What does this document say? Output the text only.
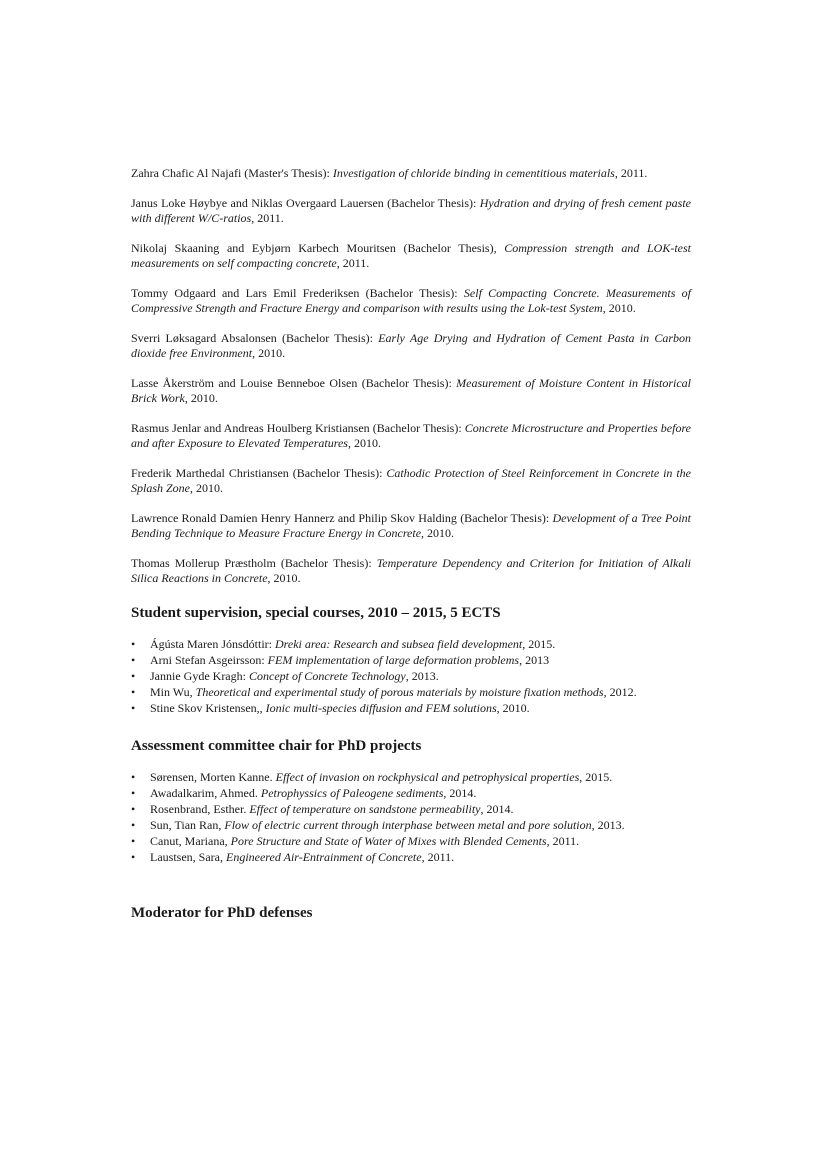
Zahra Chafic Al Najafi (Master's Thesis): Investigation of chloride binding in cementitious materials, 2011.

Janus Loke Høybye and Niklas Overgaard Lauersen (Bachelor Thesis): Hydration and drying of fresh cement paste with different W/C-ratios, 2011.

Nikolaj Skaaning and Eybjørn Karbech Mouritsen (Bachelor Thesis), Compression strength and LOK-test measurements on self compacting concrete, 2011.

Tommy Odgaard and Lars Emil Frederiksen (Bachelor Thesis): Self Compacting Concrete. Measurements of Compressive Strength and Fracture Energy and comparison with results using the Lok-test System, 2010.

Sverri Løksagard Absalonsen (Bachelor Thesis): Early Age Drying and Hydration of Cement Pasta in Carbon dioxide free Environment, 2010.

Lasse Åkerström and Louise Benneboe Olsen (Bachelor Thesis): Measurement of Moisture Content in Historical Brick Work, 2010.

Rasmus Jenlar and Andreas Houlberg Kristiansen (Bachelor Thesis): Concrete Microstructure and Properties before and after Exposure to Elevated Temperatures, 2010.

Frederik Marthedal Christiansen (Bachelor Thesis): Cathodic Protection of Steel Reinforcement in Concrete in the Splash Zone, 2010.

Lawrence Ronald Damien Henry Hannerz and Philip Skov Halding (Bachelor Thesis): Development of a Tree Point Bending Technique to Measure Fracture Energy in Concrete, 2010.

Thomas Mollerup Præstholm (Bachelor Thesis): Temperature Dependency and Criterion for Initiation of Alkali Silica Reactions in Concrete, 2010.

Student supervision, special courses, 2010 – 2015, 5 ECTS
• Ágústa Maren Jónsdóttir: Dreki area: Research and subsea field development, 2015.
• Arni Stefan Asgeirsson: FEM implementation of large deformation problems, 2013
• Jannie Gyde Kragh: Concept of Concrete Technology, 2013.
• Min Wu, Theoretical and experimental study of porous materials by moisture fixation methods, 2012.
• Stine Skov Kristensen,, Ionic multi-species diffusion and FEM solutions, 2010.
Assessment committee chair for PhD projects
• Sørensen, Morten Kanne. Effect of invasion on rockphysical and petrophysical properties, 2015.
• Awadalkarim, Ahmed. Petrophyssics of Paleogene sediments, 2014.
• Rosenbrand, Esther. Effect of temperature on sandstone permeability, 2014.
• Sun, Tian Ran, Flow of electric current through interphase between metal and pore solution, 2013.
• Canut, Mariana, Pore Structure and State of Water of Mixes with Blended Cements, 2011.
• Laustsen, Sara, Engineered Air-Entrainment of Concrete, 2011.
Moderator for PhD defenses
